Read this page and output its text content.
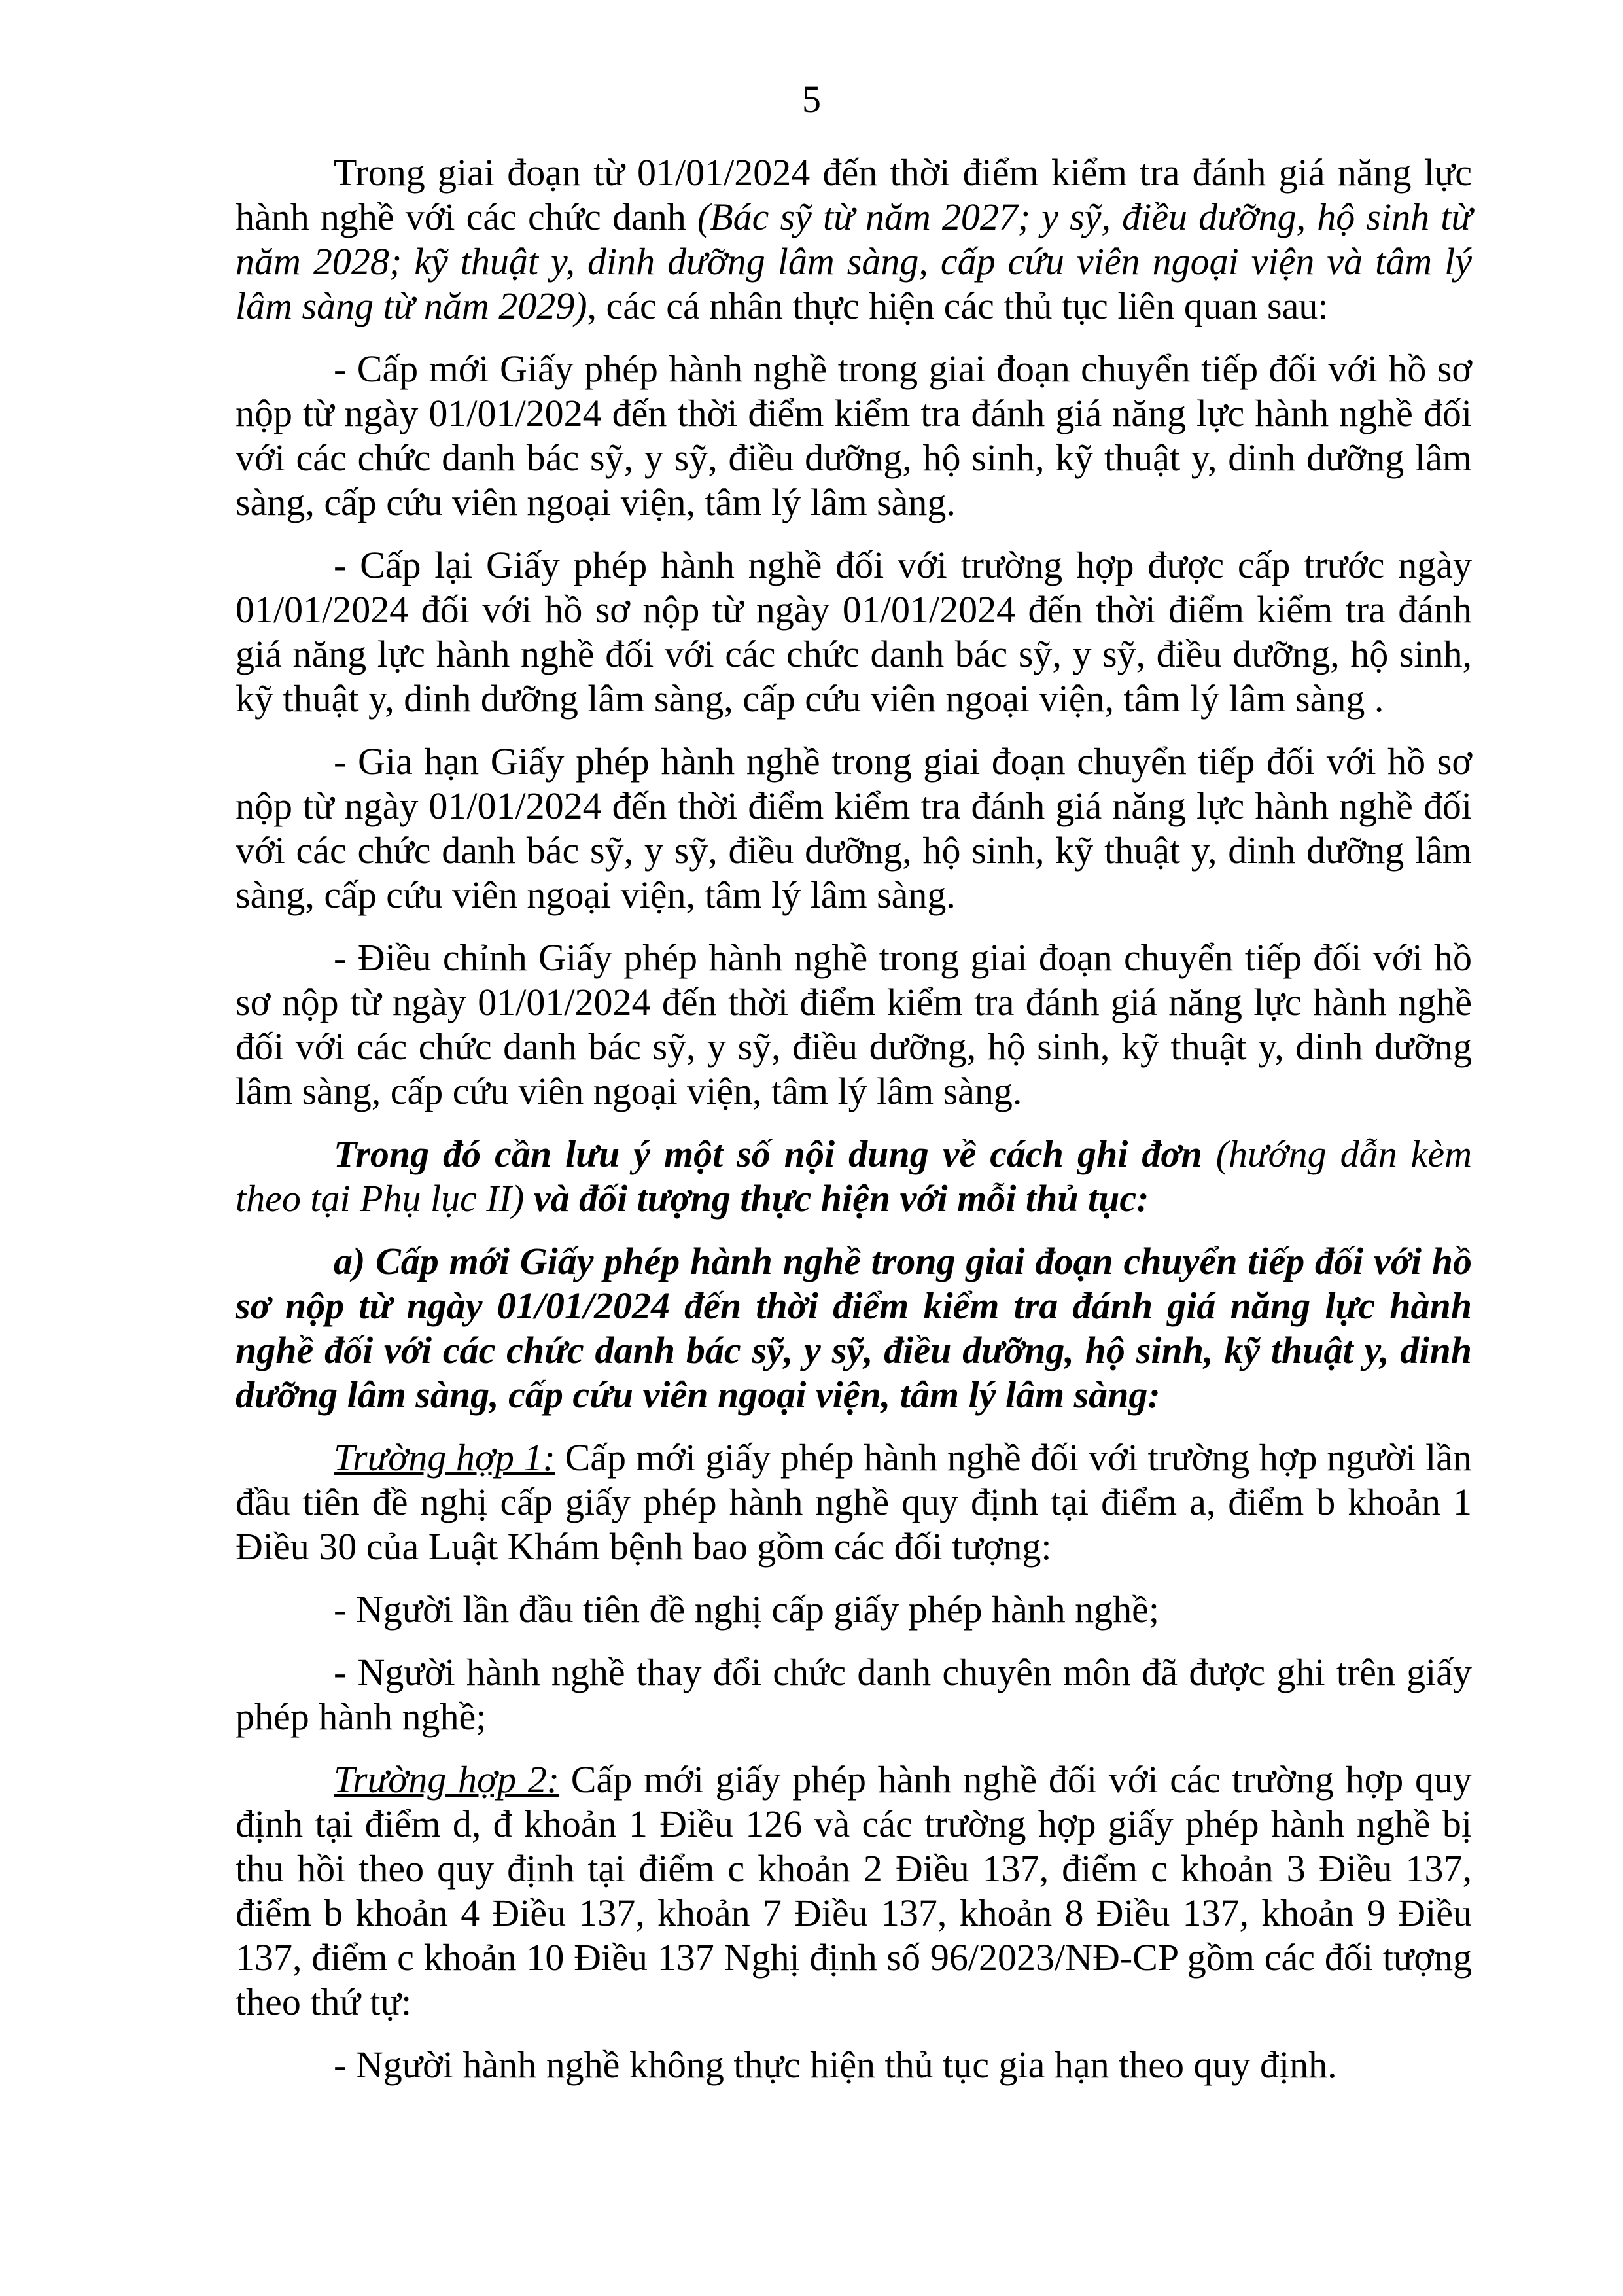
5

Trong giai đoạn từ 01/01/2024 đến thời điểm kiểm tra đánh giá năng lực hành nghề với các chức danh (Bác sỹ từ năm 2027; y sỹ, điều dưỡng, hộ sinh từ năm 2028; kỹ thuật y, dinh dưỡng lâm sàng, cấp cứu viên ngoại viện và tâm lý lâm sàng từ năm 2029), các cá nhân thực hiện các thủ tục liên quan sau:

- Cấp mới Giấy phép hành nghề trong giai đoạn chuyển tiếp đối với hồ sơ nộp từ ngày 01/01/2024 đến thời điểm kiểm tra đánh giá năng lực hành nghề đối với các chức danh bác sỹ, y sỹ, điều dưỡng, hộ sinh, kỹ thuật y, dinh dưỡng lâm sàng, cấp cứu viên ngoại viện, tâm lý lâm sàng.

- Cấp lại Giấy phép hành nghề đối với trường hợp được cấp trước ngày 01/01/2024 đối với hồ sơ nộp từ ngày 01/01/2024 đến thời điểm kiểm tra đánh giá năng lực hành nghề đối với các chức danh bác sỹ, y sỹ, điều dưỡng, hộ sinh, kỹ thuật y, dinh dưỡng lâm sàng, cấp cứu viên ngoại viện, tâm lý lâm sàng .

- Gia hạn Giấy phép hành nghề trong giai đoạn chuyển tiếp đối với hồ sơ nộp từ ngày 01/01/2024 đến thời điểm kiểm tra đánh giá năng lực hành nghề đối với các chức danh bác sỹ, y sỹ, điều dưỡng, hộ sinh, kỹ thuật y, dinh dưỡng lâm sàng, cấp cứu viên ngoại viện, tâm lý lâm sàng.

- Điều chỉnh Giấy phép hành nghề trong giai đoạn chuyển tiếp đối với hồ sơ nộp từ ngày 01/01/2024 đến thời điểm kiểm tra đánh giá năng lực hành nghề đối với các chức danh bác sỹ, y sỹ, điều dưỡng, hộ sinh, kỹ thuật y, dinh dưỡng lâm sàng, cấp cứu viên ngoại viện, tâm lý lâm sàng.

Trong đó cần lưu ý một số nội dung về cách ghi đơn (hướng dẫn kèm theo tại Phụ lục II) và đối tượng thực hiện với mỗi thủ tục:

a) Cấp mới Giấy phép hành nghề trong giai đoạn chuyển tiếp đối với hồ sơ nộp từ ngày 01/01/2024 đến thời điểm kiểm tra đánh giá năng lực hành nghề đối với các chức danh bác sỹ, y sỹ, điều dưỡng, hộ sinh, kỹ thuật y, dinh dưỡng lâm sàng, cấp cứu viên ngoại viện, tâm lý lâm sàng:

Trường hợp 1: Cấp mới giấy phép hành nghề đối với trường hợp người lần đầu tiên đề nghị cấp giấy phép hành nghề quy định tại điểm a, điểm b khoản 1 Điều 30 của Luật Khám bệnh bao gồm các đối tượng:

- Người lần đầu tiên đề nghị cấp giấy phép hành nghề;

- Người hành nghề thay đổi chức danh chuyên môn đã được ghi trên giấy phép hành nghề;

Trường hợp 2: Cấp mới giấy phép hành nghề đối với các trường hợp quy định tại điểm d, đ khoản 1 Điều 126 và các trường hợp giấy phép hành nghề bị thu hồi theo quy định tại điểm c khoản 2 Điều 137, điểm c khoản 3 Điều 137, điểm b khoản 4 Điều 137, khoản 7 Điều 137, khoản 8 Điều 137, khoản 9 Điều 137, điểm c khoản 10 Điều 137 Nghị định số 96/2023/NĐ-CP gồm các đối tượng theo thứ tự:

- Người hành nghề không thực hiện thủ tục gia hạn theo quy định.
